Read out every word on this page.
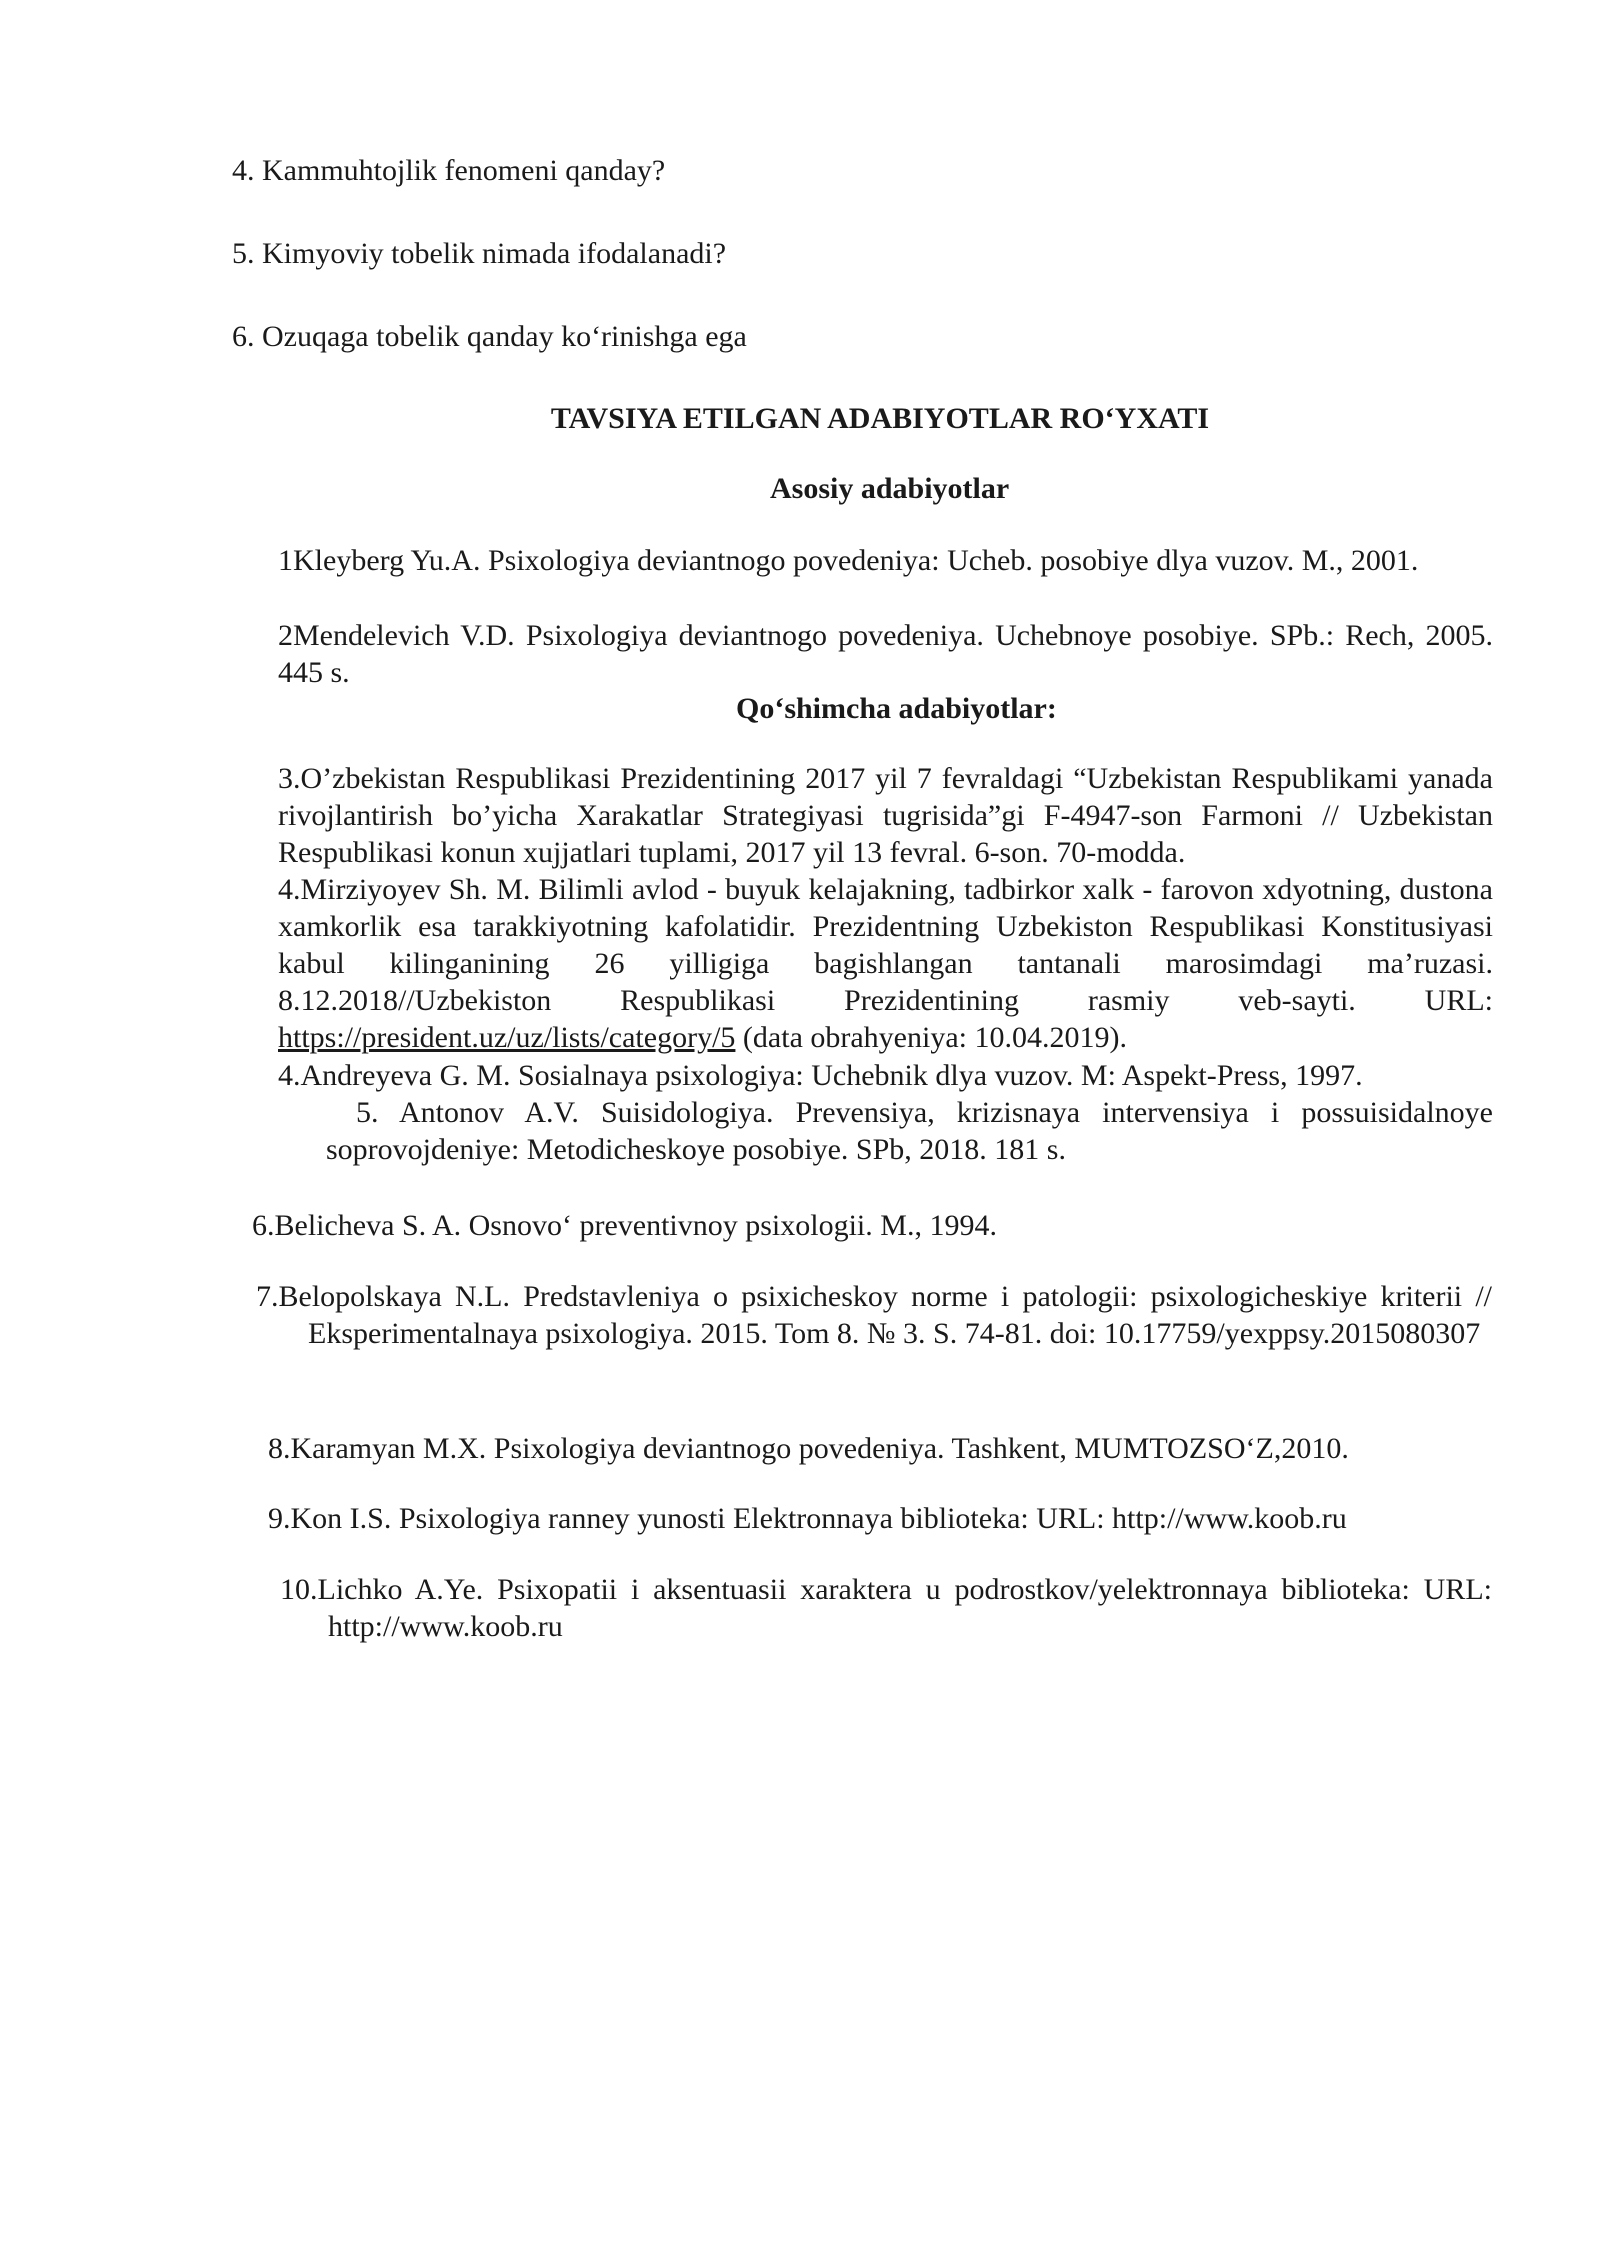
4. Kammuhtojlik fenomeni qanday?

5. Kimyoviy tobelik nimada ifodalanadi?

6. Ozuqaga tobelik qanday ko‘rinishga ega

TAVSIYA ETILGAN ADABIYOTLAR RO‘YXATI
Asosiy adabiyotlar

1Kleyberg Yu.A. Psixologiya deviantnogo povedeniya: Ucheb. posobiye dlya vuzov. M., 2001.

2Mendelevich V.D. Psixologiya deviantnogo povedeniya. Uchebnoye posobiye. SPb.: Rech, 2005. 445 s.

Qo‘shimcha adabiyotlar:

3.O’zbekistan Respublikasi Prezidentining 2017 yil 7 fevraldagi “Uzbekistan Respublikami yanada rivojlantirish bo’yicha Xarakatlar Strategiyasi tugrisida”gi F-4947-son Farmoni // Uzbekistan Respublikasi konun xujjatlari tuplami, 2017 yil 13 fevral. 6-son. 70-modda.

4.Mirziyoyev Sh. M. Bilimli avlod - buyuk kelajakning, tadbirkor xalk - farovon xdyotning, dustona xamkorlik esa tarakkiyotning kafolatidir. Prezidentning Uzbekiston Respublikasi Konstitusiyasi kabul kilinganining 26 yilligiga bagishlangan tantanali marosimdagi ma’ruzasi. 8.12.2018//Uzbekiston Respublikasi Prezidentining rasmiy veb-sayti. URL: https://president.uz/uz/lists/category/5 (data obrahyeniya: 10.04.2019).

4.Andreyeva G. M. Sosialnaya psixologiya: Uchebnik dlya vuzov. M: Aspekt-Press, 1997.

5. Antonov A.V. Suisidologiya. Prevensiya, krizisnaya intervensiya i possuisidalnoye soprovojdeniye: Metodicheskoye posobiye. SPb, 2018. 181 s.

6.Belicheva S. A. Osnovo‘ preventivnoy psixologii. M., 1994.

7.Belopolskaya N.L. Predstavleniya o psixicheskoy norme i patologii: psixologicheskiye kriterii // Eksperimentalnaya psixologiya. 2015. Tom 8. № 3. S. 74-81. doi: 10.17759/yexppsy.2015080307

8.Karamyan M.X. Psixologiya deviantnogo povedeniya. Tashkent, MUMTOZSO‘Z,2010.

9.Kon I.S. Psixologiya ranney yunosti Elektronnaya biblioteka: URL: http://www.koob.ru

10.Lichko A.Ye. Psixopatii i aksentuasii xaraktera u podrostkov/yelektronnaya biblioteka: URL: http://www.koob.ru
